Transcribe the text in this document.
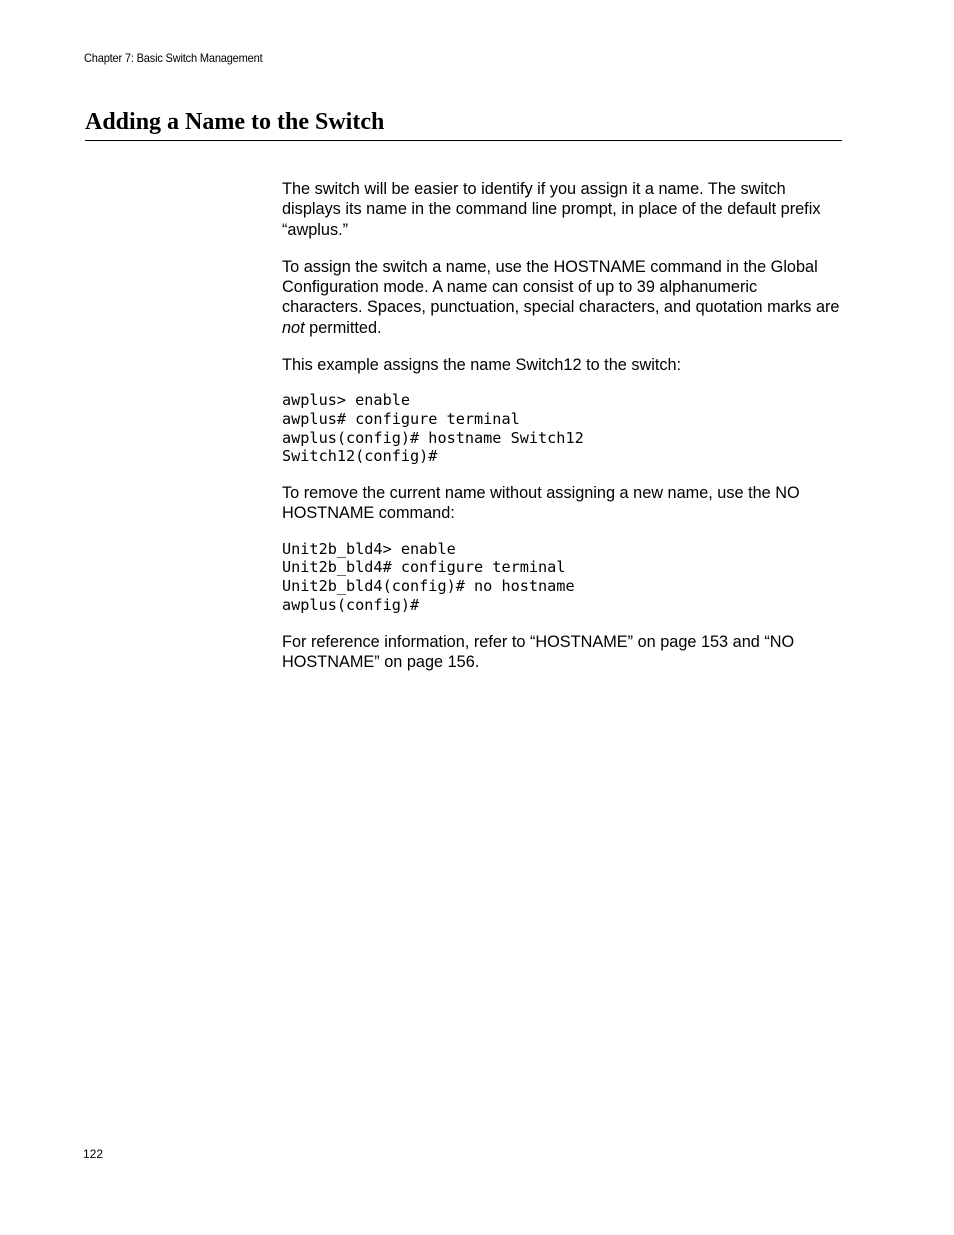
Chapter 7: Basic Switch Management
Adding a Name to the Switch

The switch will be easier to identify if you assign it a name. The switch displays its name in the command line prompt, in place of the default prefix “awplus.”

To assign the switch a name, use the HOSTNAME command in the Global Configuration mode. A name can consist of up to 39 alphanumeric characters. Spaces, punctuation, special characters, and quotation marks are not permitted.

This example assigns the name Switch12 to the switch:

awplus> enable
awplus# configure terminal
awplus(config)# hostname Switch12
Switch12(config)#

To remove the current name without assigning a new name, use the NO HOSTNAME command:

Unit2b_bld4> enable
Unit2b_bld4# configure terminal
Unit2b_bld4(config)# no hostname
awplus(config)#

For reference information, refer to “HOSTNAME” on page 153 and “NO HOSTNAME” on page 156.

122
